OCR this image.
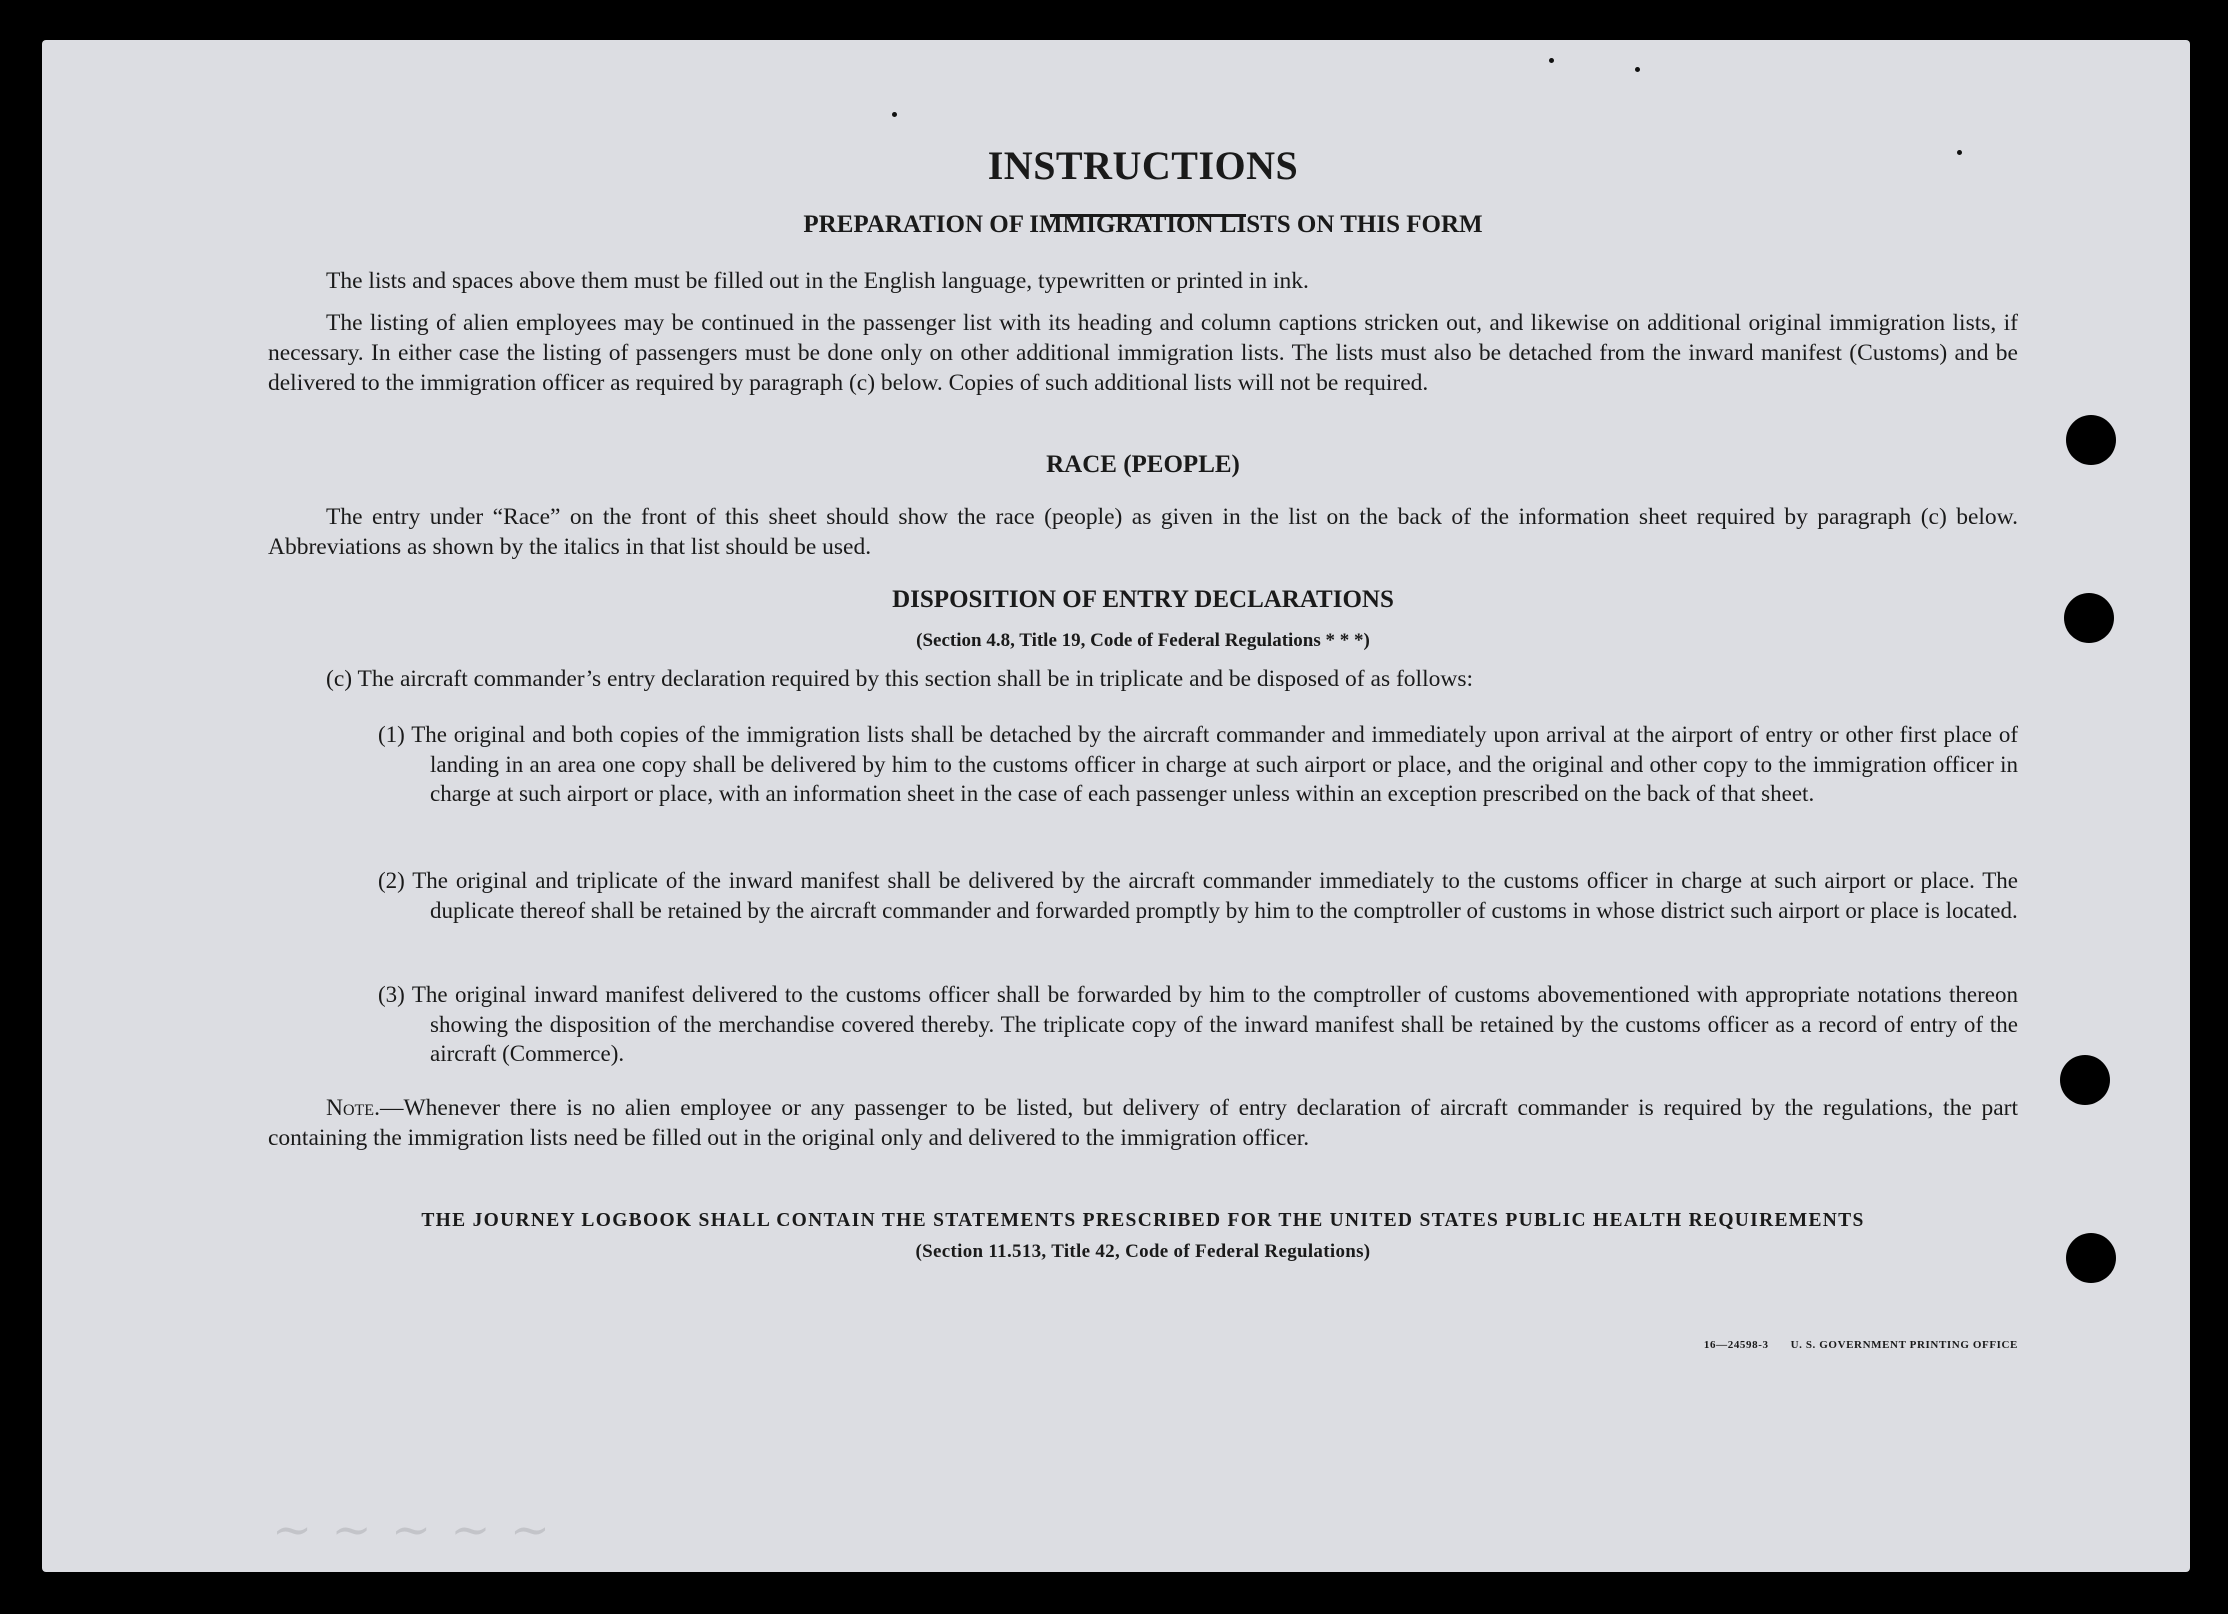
~ ~ ~ ~ ~
INSTRUCTIONS
PREPARATION OF IMMIGRATION LISTS ON THIS FORM
The lists and spaces above them must be filled out in the English language, typewritten or printed in ink.
The listing of alien employees may be continued in the passenger list with its heading and column captions stricken out, and likewise on additional original immigration lists, if necessary. In either case the listing of passengers must be done only on other additional immigration lists. The lists must also be detached from the inward manifest (Customs) and be delivered to the immigration officer as required by paragraph (c) below. Copies of such additional lists will not be required.
RACE (PEOPLE)
The entry under “Race” on the front of this sheet should show the race (people) as given in the list on the back of the information sheet required by paragraph (c) below. Abbreviations as shown by the italics in that list should be used.
DISPOSITION OF ENTRY DECLARATIONS
(Section 4.8, Title 19, Code of Federal Regulations * * *)
(c) The aircraft commander’s entry declaration required by this section shall be in triplicate and be disposed of as follows:
(1) The original and both copies of the immigration lists shall be detached by the aircraft commander and immediately upon arrival at the airport of entry or other first place of landing in an area one copy shall be delivered by him to the customs officer in charge at such airport or place, and the original and other copy to the immigration officer in charge at such airport or place, with an information sheet in the case of each passenger unless within an exception prescribed on the back of that sheet.
(2) The original and triplicate of the inward manifest shall be delivered by the aircraft commander immediately to the customs officer in charge at such airport or place. The duplicate thereof shall be retained by the aircraft commander and forwarded promptly by him to the comptroller of customs in whose district such airport or place is located.
(3) The original inward manifest delivered to the customs officer shall be forwarded by him to the comptroller of customs abovementioned with appropriate notations thereon showing the disposition of the merchandise covered thereby. The triplicate copy of the inward manifest shall be retained by the customs officer as a record of entry of the aircraft (Commerce).
Note.—Whenever there is no alien employee or any passenger to be listed, but delivery of entry declaration of aircraft commander is required by the regulations, the part containing the immigration lists need be filled out in the original only and delivered to the immigration officer.
THE JOURNEY LOGBOOK SHALL CONTAIN THE STATEMENTS PRESCRIBED FOR THE UNITED STATES PUBLIC HEALTH REQUIREMENTS
(Section 11.513, Title 42, Code of Federal Regulations)
16—24598-3 U. S. GOVERNMENT PRINTING OFFICE
